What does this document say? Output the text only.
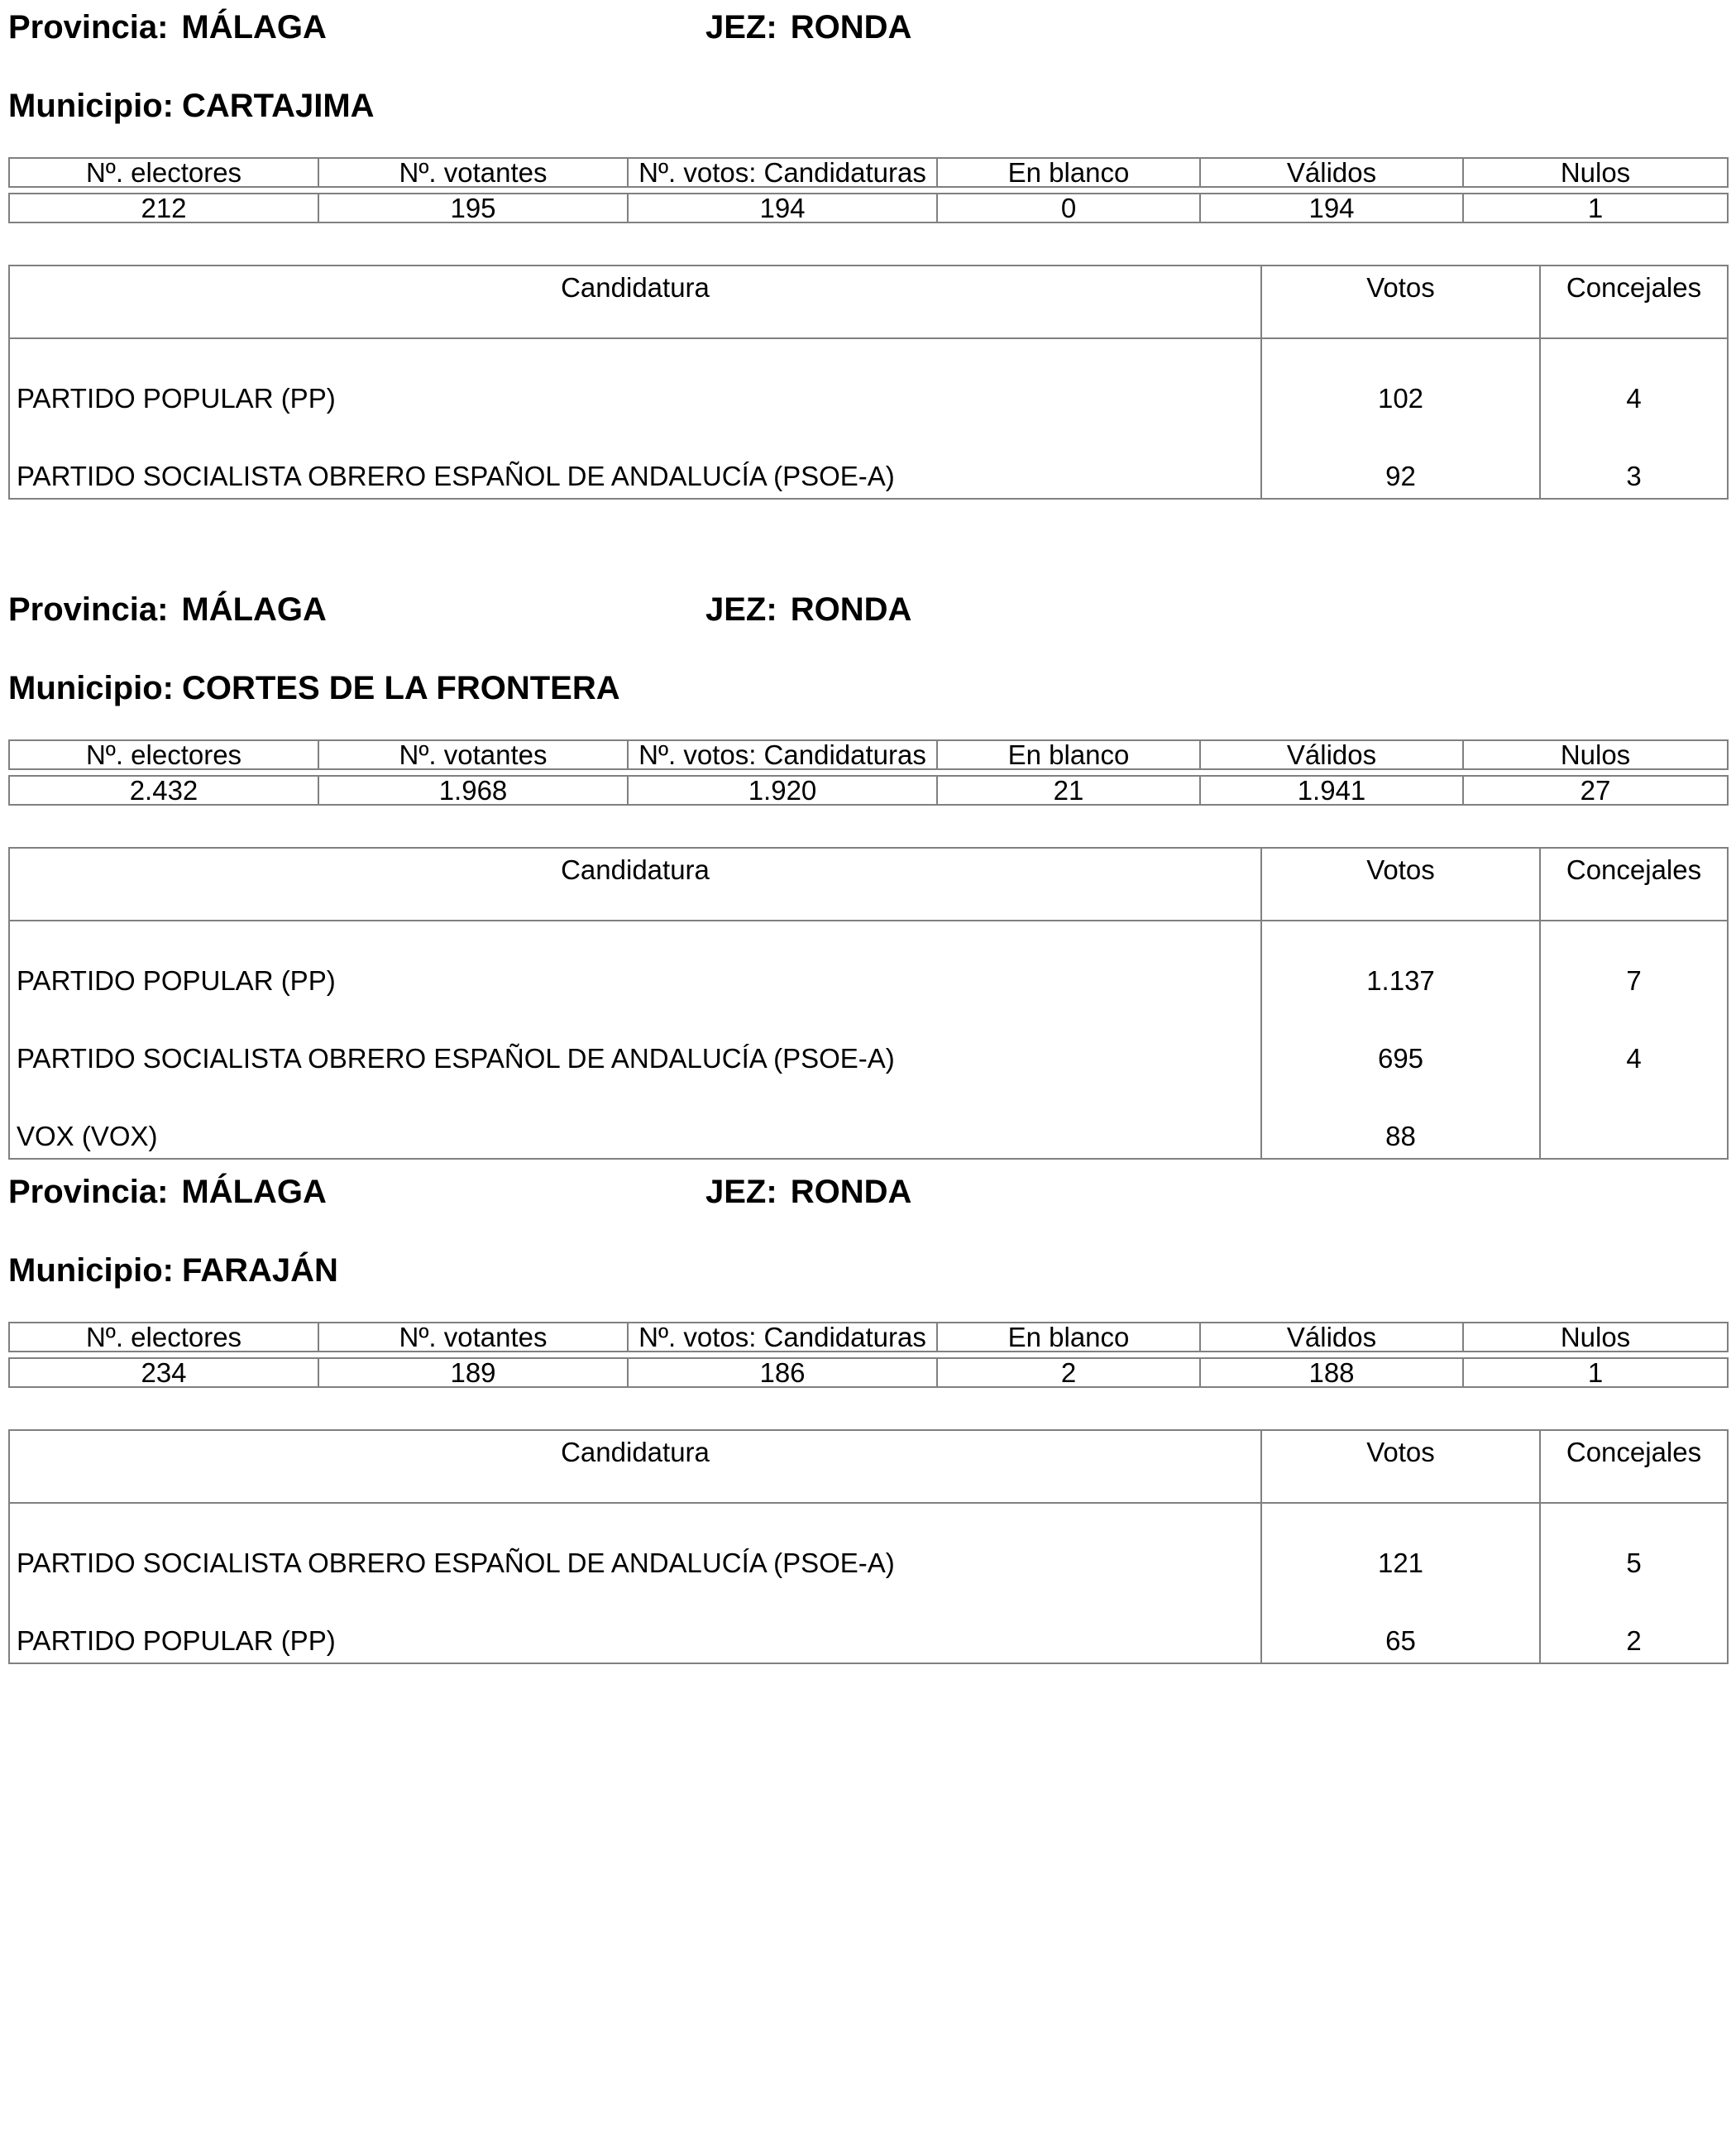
Provincia: MÁLAGA	JEZ: RONDA
Municipio: CARTAJIMA
Nº. electores	Nº. votantes	Nº. votos: Candidaturas	En blanco	Válidos	Nulos

212	195	194	0	194	1
Candidatura	Votos	Concejales
PARTIDO POPULAR (PP)	102	4
PARTIDO SOCIALISTA OBRERO ESPAÑOL DE ANDALUCÍA (PSOE-A)	92	3
Provincia: MÁLAGA	JEZ: RONDA
Municipio: CORTES DE LA FRONTERA
Nº. electores	Nº. votantes	Nº. votos: Candidaturas	En blanco	Válidos	Nulos

2.432	1.968	1.920	21	1.941	27
Candidatura	Votos	Concejales
PARTIDO POPULAR (PP)	1.137	7
PARTIDO SOCIALISTA OBRERO ESPAÑOL DE ANDALUCÍA (PSOE-A)	695	4
VOX (VOX)	88	
Provincia: MÁLAGA	JEZ: RONDA
Municipio: FARAJÁN
Nº. electores	Nº. votantes	Nº. votos: Candidaturas	En blanco	Válidos	Nulos

234	189	186	2	188	1
Candidatura	Votos	Concejales
PARTIDO SOCIALISTA OBRERO ESPAÑOL DE ANDALUCÍA (PSOE-A)	121	5
PARTIDO POPULAR (PP)	65	2
